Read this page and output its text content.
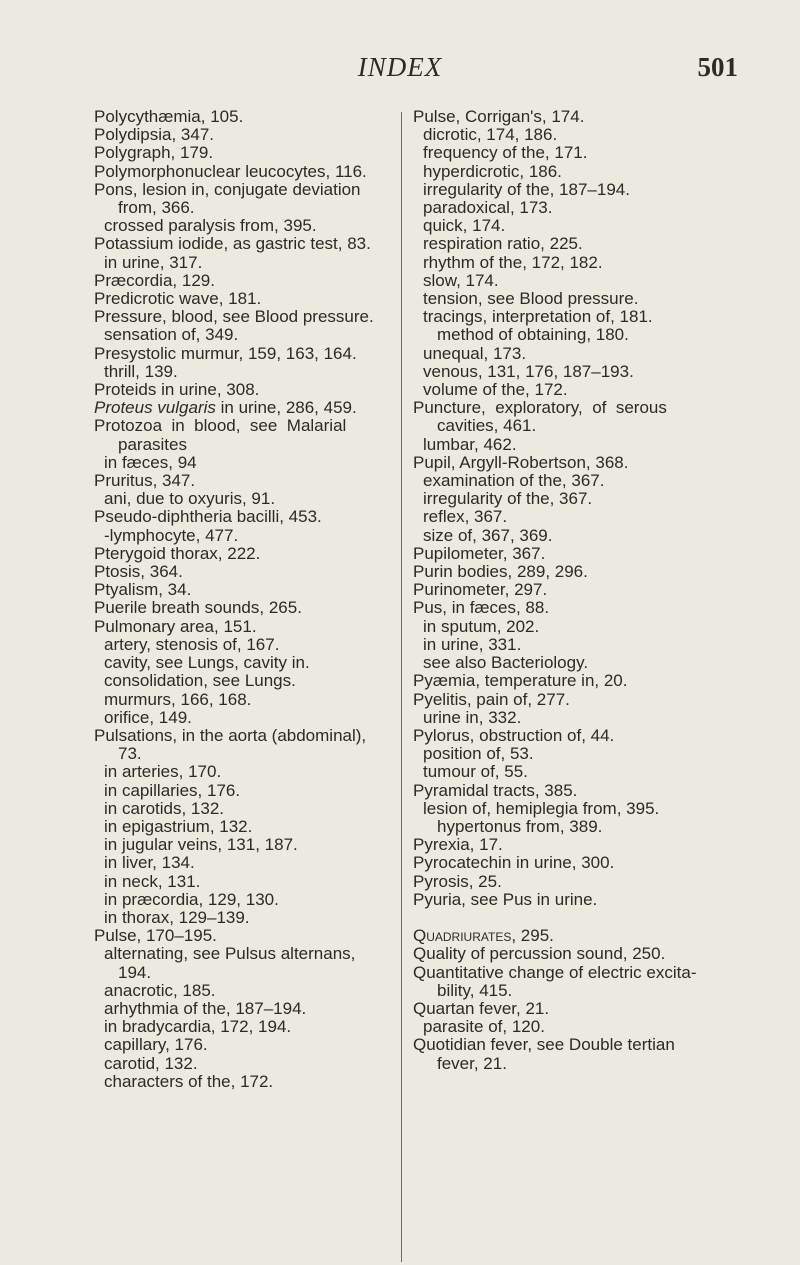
INDEX	501
Polycythæmia, 105.
Polydipsia, 347.
Polygraph, 179.
Polymorphonuclear leucocytes, 116.
Pons, lesion in, conjugate deviation
from, 366.
crossed paralysis from, 395.
Potassium iodide, as gastric test, 83.
in urine, 317.
Præcordia, 129.
Predicrotic wave, 181.
Pressure, blood, see Blood pressure.
sensation of, 349.
Presystolic murmur, 159, 163, 164.
thrill, 139.
Proteids in urine, 308.
Proteus vulgaris in urine, 286, 459.
Protozoa  in  blood,  see  Malarial
parasites
in fæces, 94
Pruritus, 347.
ani, due to oxyuris, 91.
Pseudo-diphtheria bacilli, 453.
-lymphocyte, 477.
Pterygoid thorax, 222.
Ptosis, 364.
Ptyalism, 34.
Puerile breath sounds, 265.
Pulmonary area, 151.
artery, stenosis of, 167.
cavity, see Lungs, cavity in.
consolidation, see Lungs.
murmurs, 166, 168.
orifice, 149.
Pulsations, in the aorta (abdominal),
73.
in arteries, 170.
in capillaries, 176.
in carotids, 132.
in epigastrium, 132.
in jugular veins, 131, 187.
in liver, 134.
in neck, 131.
in præcordia, 129, 130.
in thorax, 129–139.
Pulse, 170–195.
alternating, see Pulsus alternans,
194.
anacrotic, 185.
arhythmia of the, 187–194.
in bradycardia, 172, 194.
capillary, 176.
carotid, 132.
characters of the, 172.
Pulse, Corrigan's, 174.
dicrotic, 174, 186.
frequency of the, 171.
hyperdicrotic, 186.
irregularity of the, 187–194.
paradoxical, 173.
quick, 174.
respiration ratio, 225.
rhythm of the, 172, 182.
slow, 174.
tension, see Blood pressure.
tracings, interpretation of, 181.
method of obtaining, 180.
unequal, 173.
venous, 131, 176, 187–193.
volume of the, 172.
Puncture,  exploratory,  of  serous
cavities, 461.
lumbar, 462.
Pupil, Argyll-Robertson, 368.
examination of the, 367.
irregularity of the, 367.
reflex, 367.
size of, 367, 369.
Pupilometer, 367.
Purin bodies, 289, 296.
Purinometer, 297.
Pus, in fæces, 88.
in sputum, 202.
in urine, 331.
see also Bacteriology.
Pyæmia, temperature in, 20.
Pyelitis, pain of, 277.
urine in, 332.
Pylorus, obstruction of, 44.
position of, 53.
tumour of, 55.
Pyramidal tracts, 385.
lesion of, hemiplegia from, 395.
hypertonus from, 389.
Pyrexia, 17.
Pyrocatechin in urine, 300.
Pyrosis, 25.
Pyuria, see Pus in urine.

Quadriurates, 295.
Quality of percussion sound, 250.
Quantitative change of electric excita-
bility, 415.
Quartan fever, 21.
parasite of, 120.
Quotidian fever, see Double tertian
fever, 21.
